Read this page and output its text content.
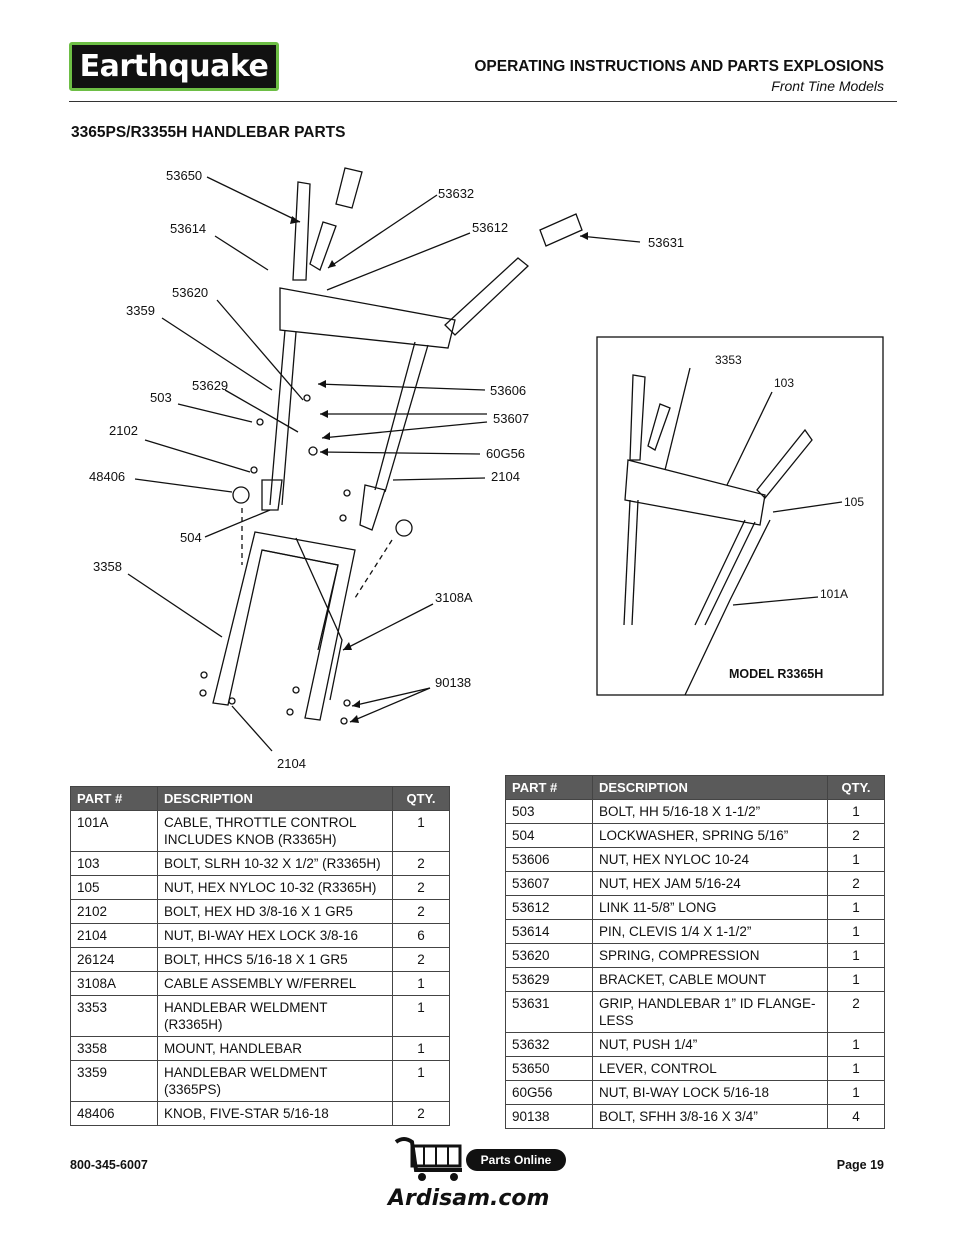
Earthquake	OPERATING INSTRUCTIONS AND PARTS EXPLOSIONS
Front Tine Models
3365PS/R3355H HANDLEBAR PARTS
53650
53632
53614	53612
53631
53620
3359
53606
53629
503
53607
2102
60G56
48406	2104
504
3358
3108A
90138
2104
3353
103
105
101A
MODEL R3365H
PART #	DESCRIPTION	QTY.
101A	CABLE, THROTTLE CONTROL INCLUDES KNOB (R3365H)	1
103	BOLT, SLRH 10-32 X 1/2” (R3365H)	2
105	NUT, HEX NYLOC 10-32 (R3365H)	2
2102	BOLT, HEX HD 3/8-16 X 1 GR5	2
2104	NUT, BI-WAY HEX LOCK 3/8-16	6
26124	BOLT, HHCS 5/16-18 X 1 GR5	2
3108A	CABLE ASSEMBLY W/FERREL	1
3353	HANDLEBAR WELDMENT (R3365H)	1
3358	MOUNT, HANDLEBAR	1
3359	HANDLEBAR WELDMENT (3365PS)	1
48406	KNOB, FIVE-STAR 5/16-18	2
PART #	DESCRIPTION	QTY.
503	BOLT, HH 5/16-18 X 1-1/2”	1
504	LOCKWASHER, SPRING 5/16”	2
53606	NUT, HEX NYLOC 10-24	1
53607	NUT, HEX JAM 5/16-24	2
53612	LINK 11-5/8” LONG	1
53614	PIN, CLEVIS 1/4 X 1-1/2”	1
53620	SPRING, COMPRESSION	1
53629	BRACKET, CABLE MOUNT	1
53631	GRIP, HANDLEBAR 1” ID FLANGE-LESS	2
53632	NUT, PUSH 1/4”	1
53650	LEVER, CONTROL	1
60G56	NUT, BI-WAY LOCK 5/16-18	1
90138	BOLT, SFHH 3/8-16 X 3/4”	4
800-345-6007	Page 19
Parts Online
Ardisam.com
